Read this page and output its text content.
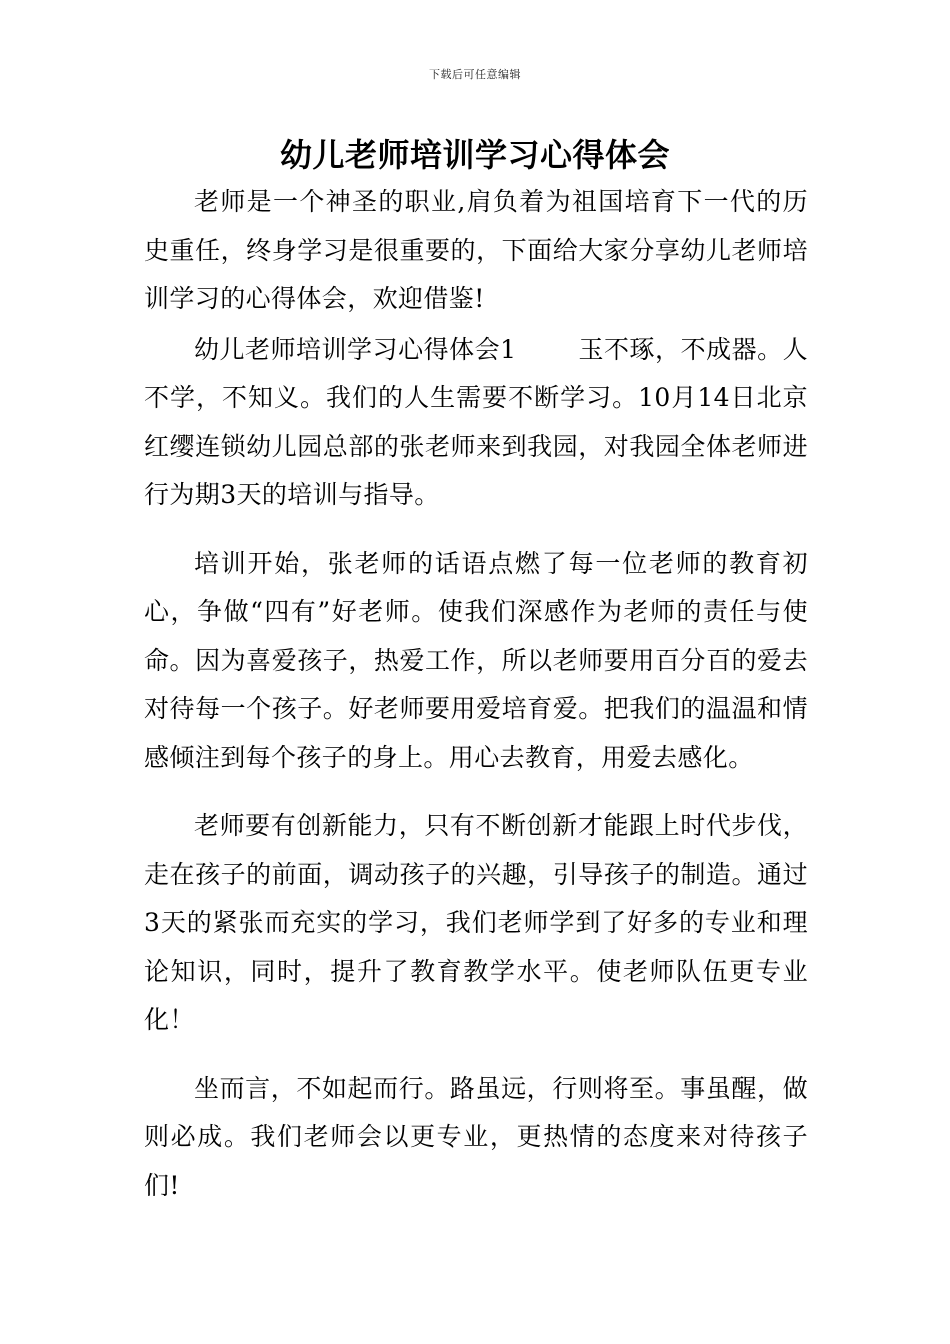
下载后可任意编辑
幼儿老师培训学习心得体会

老师是一个神圣的职业,肩负着为祖国培育下一代的历史重任，终身学习是很重要的，下面给大家分享幼儿老师培训学习的心得体会，欢迎借鉴!

幼儿老师培训学习心得体会1 玉不琢，不成器。人不学，不知义。我们的人生需要不断学习。10月14日北京红缨连锁幼儿园总部的张老师来到我园，对我园全体老师进行为期3天的培训与指导。

培训开始，张老师的话语点燃了每一位老师的教育初心，争做“四有”好老师。使我们深感作为老师的责任与使命。因为喜爱孩子，热爱工作，所以老师要用百分百的爱去对待每一个孩子。好老师要用爱培育爱。把我们的温温和情感倾注到每个孩子的身上。用心去教育，用爱去感化。

老师要有创新能力，只有不断创新才能跟上时代步伐，走在孩子的前面，调动孩子的兴趣，引导孩子的制造。通过3天的紧张而充实的学习，我们老师学到了好多的专业和理论知识，同时，提升了教育教学水平。使老师队伍更专业化！

坐而言，不如起而行。路虽远，行则将至。事虽醒，做则必成。我们老师会以更专业，更热情的态度来对待孩子们!
